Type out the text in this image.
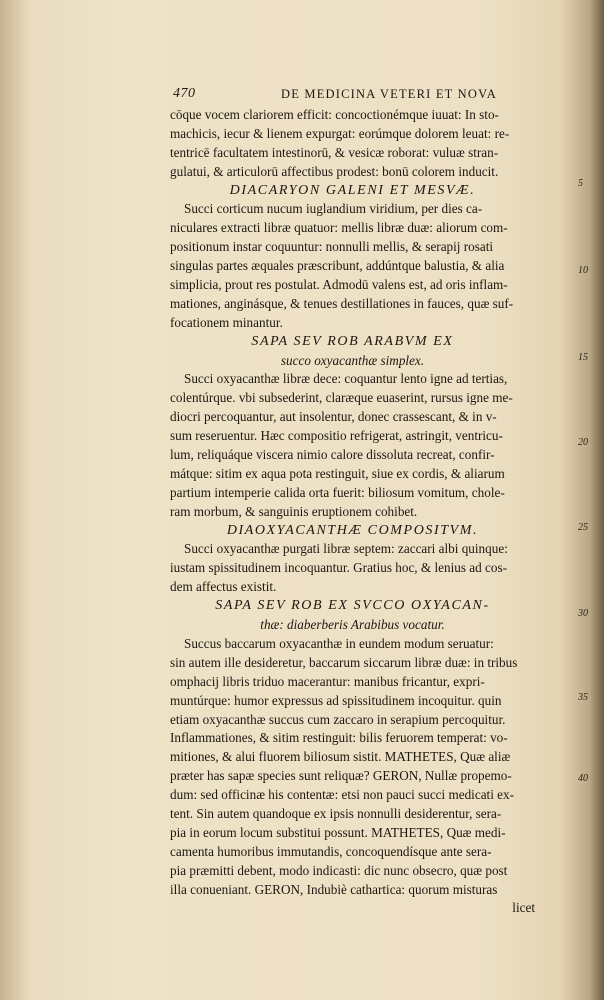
470	DE MEDICINA VETERI ET NOVA
cōque vocem clariorem efficit: concoctionémque iuuat: In sto-
machicis, iecur & lienem expurgat: eorúmque dolorem leuat: re-
tentricē facultatem intestinorū, & vesicæ roborat: vuluæ stran-
gulatui, & articulorū affectibus prodest: bonū colorem inducit.
DIACARYON GALENI ET MESVÆ.
Succi corticum nucum iuglandium viridium, per dies ca-
niculares extracti libræ quatuor: mellis libræ duæ: aliorum com-
positionum instar coquuntur: nonnulli mellis, & serapij rosati
singulas partes æquales præscribunt, addúntque balustia, & alia
simplicia, prout res postulat. Admodū valens est, ad oris inflam-
mationes, anginásque, & tenues destillationes in fauces, quæ suf-
focationem minantur.
SAPA SEV ROB ARABVM EX
succo oxyacanthæ simplex.
Succi oxyacanthæ libræ dece: coquantur lento igne ad tertias,
colentúrque. vbi subsederint, claræque euaserint, rursus igne me-
diocri percoquantur, aut insolentur, donec crassescant, & in v-
sum reseruentur. Hæc compositio refrigerat, astringit, ventricu-
lum, reliquáque viscera nimio calore dissoluta recreat, confir-
mátque: sitim ex aqua pota restinguit, siue ex cordis, & aliarum
partium intemperie calida orta fuerit: biliosum vomitum, chole-
ram morbum, & sanguinis eruptionem cohibet.
DIAOXYACANTHÆ COMPOSITVM.
Succi oxyacanthæ purgati libræ septem: zaccari albi quinque:
iustam spissitudinem incoquantur. Gratius hoc, & lenius ad cos-
dem affectus existit.
SAPA SEV ROB EX SVCCO OXYACAN-
thæ: diaberberis Arabibus vocatur.
Succus baccarum oxyacanthæ in eundem modum seruatur:
sin autem ille desideretur, baccarum siccarum libræ duæ: in tribus
omphacij libris triduo macerantur: manibus fricantur, expri-
muntúrque: humor expressus ad spissitudinem incoquitur. quin
etiam oxyacanthæ succus cum zaccaro in serapium percoquitur.
Inflammationes, & sitim restinguit: bilis feruorem temperat: vo-
mitiones, & alui fluorem biliosum sistit. MATHETES, Quæ aliæ
præter has sapæ species sunt reliquæ? GERON, Nullæ propemo-
dum: sed officinæ his contentæ: etsi non pauci succi medicati ex-
tent. Sin autem quandoque ex ipsis nonnulli desiderentur, sera-
pia in eorum locum substitui possunt. MATHETES, Quæ medi-
camenta humoribus immutandis, concoquendísque ante sera-
pia præmitti debent, modo indicasti: dic nunc obsecro, quæ post
illa conueniant. GERON, Indubiè cathartica: quorum misturas
licet
5
10
15
20
25
30
35
40
